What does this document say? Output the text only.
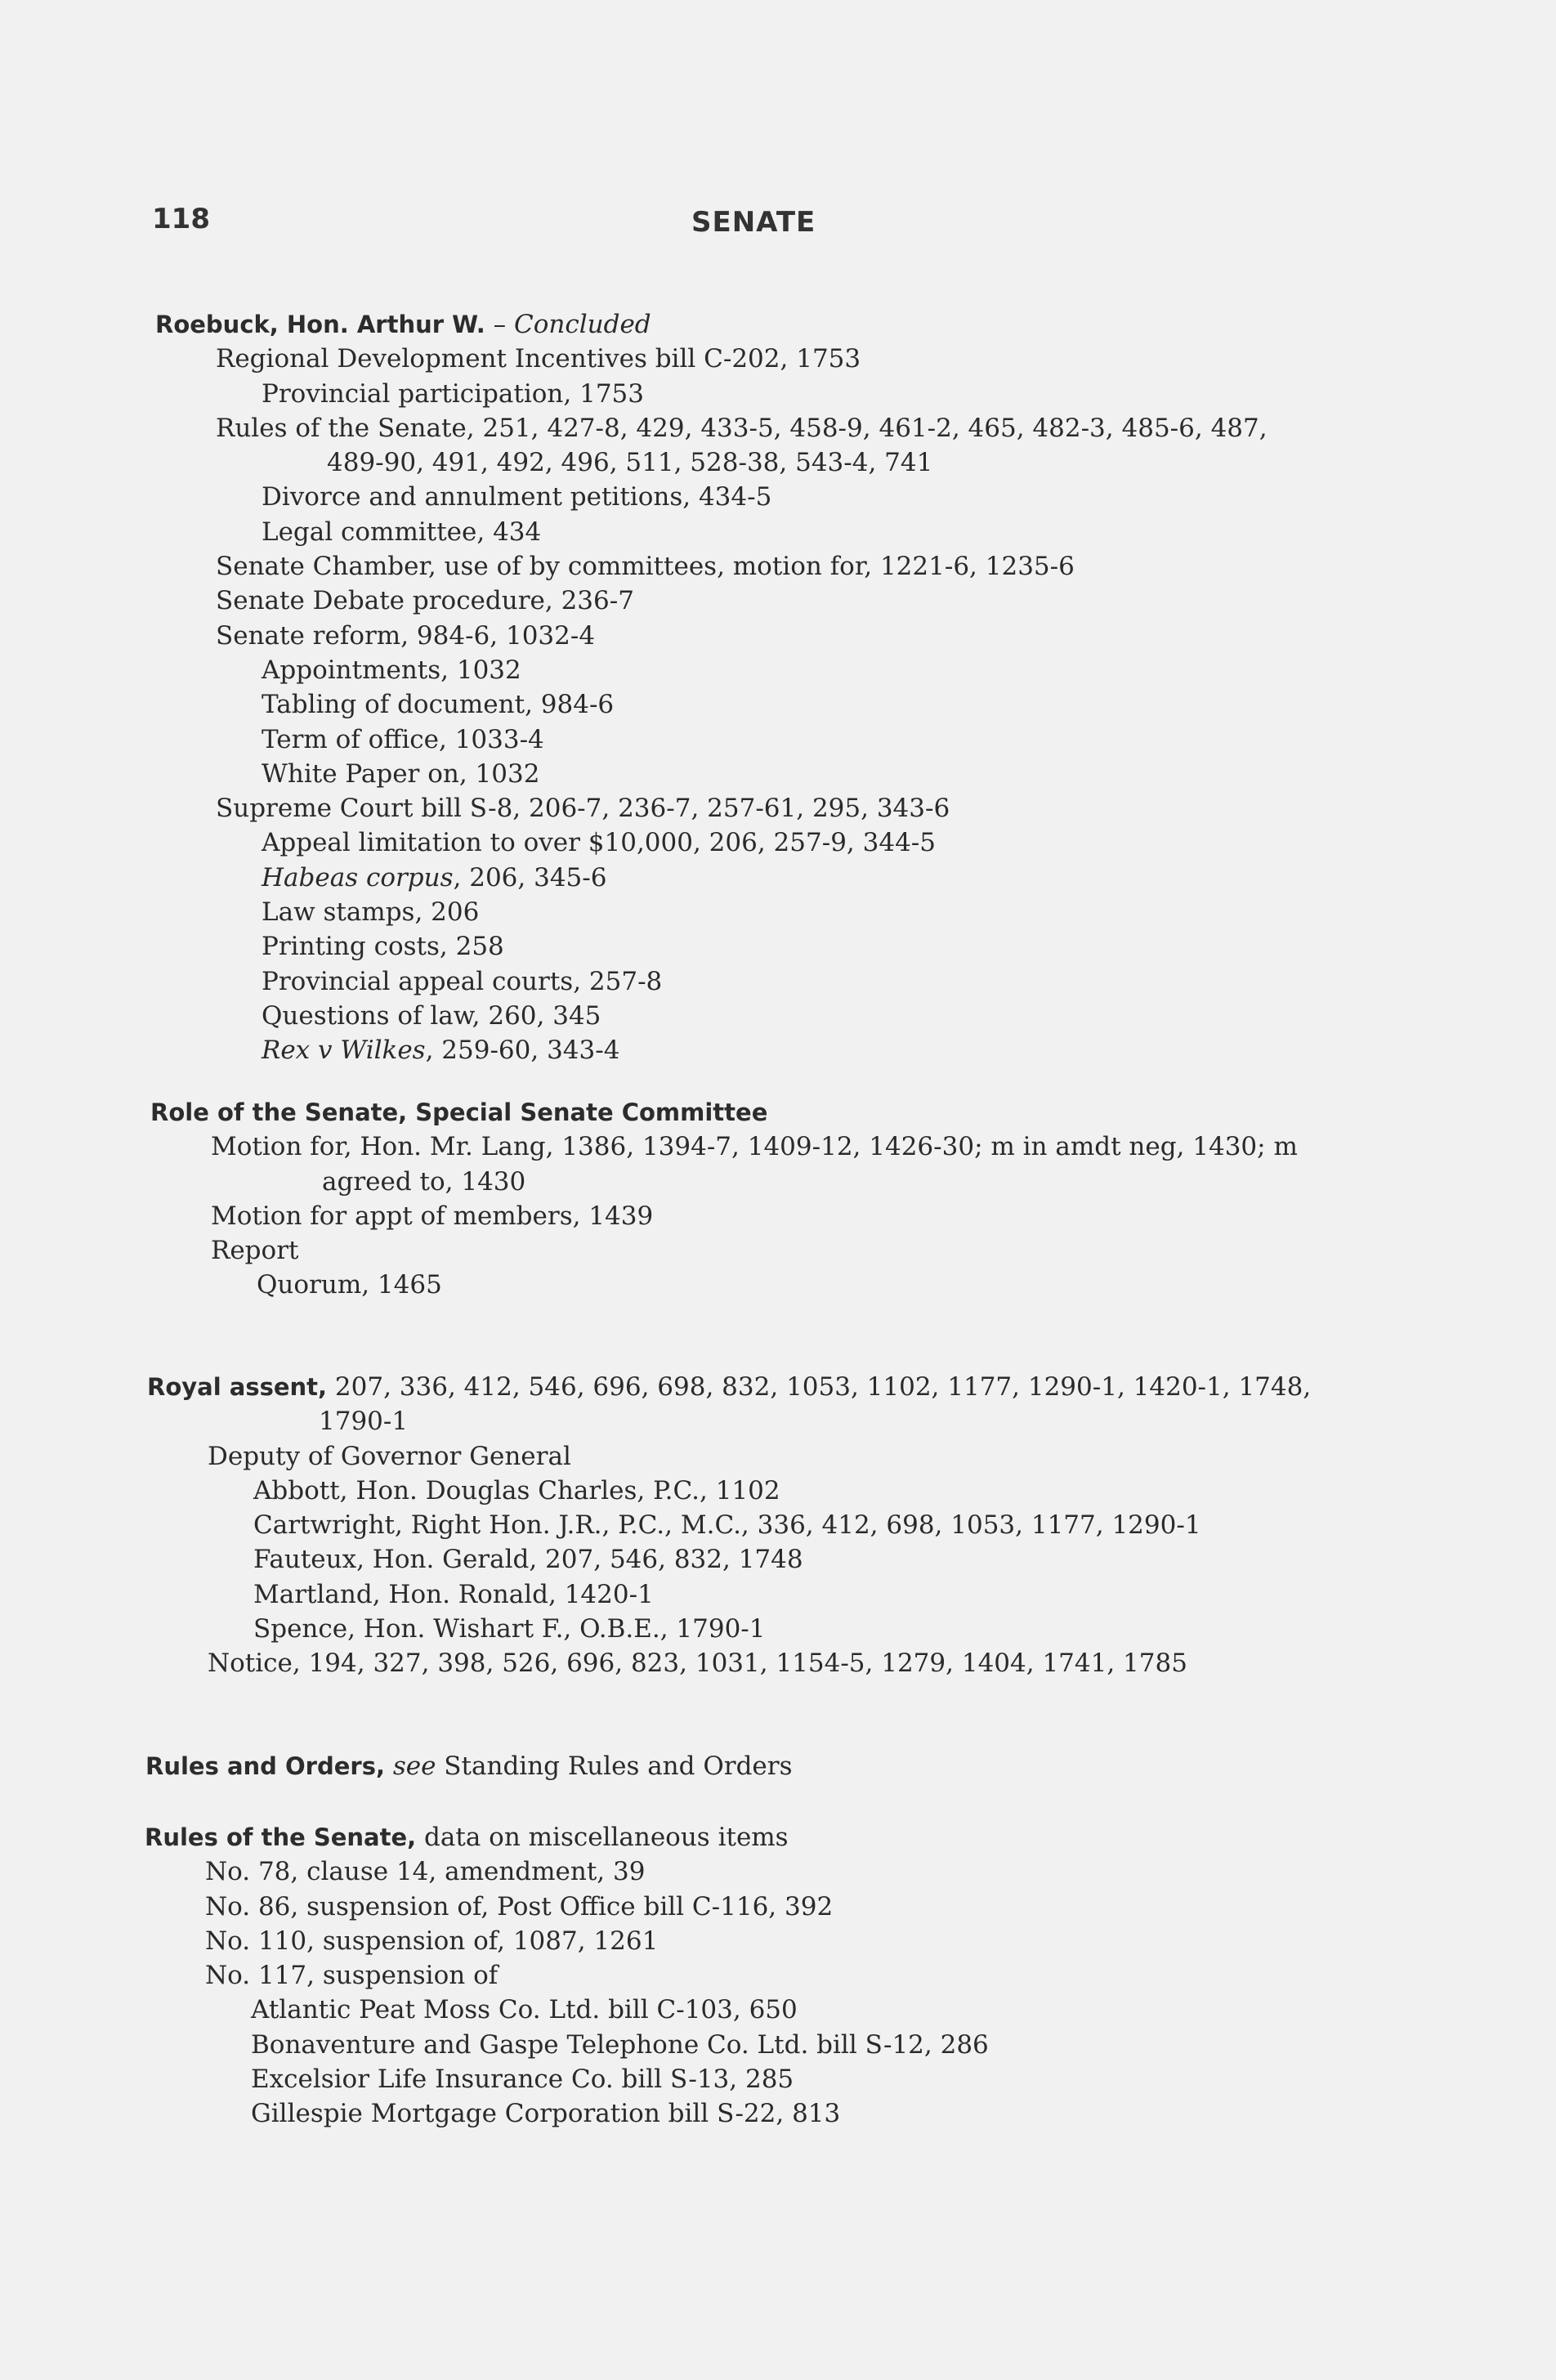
118	SENATE
Roebuck, Hon. Arthur W. – Concluded
Regional Development Incentives bill C-202, 1753
Provincial participation, 1753
Rules of the Senate, 251, 427-8, 429, 433-5, 458-9, 461-2, 465, 482-3, 485-6, 487,
489-90, 491, 492, 496, 511, 528-38, 543-4, 741
Divorce and annulment petitions, 434-5
Legal committee, 434
Senate Chamber, use of by committees, motion for, 1221-6, 1235-6
Senate Debate procedure, 236-7
Senate reform, 984-6, 1032-4
Appointments, 1032
Tabling of document, 984-6
Term of office, 1033-4
White Paper on, 1032
Supreme Court bill S-8, 206-7, 236-7, 257-61, 295, 343-6
Appeal limitation to over $10,000, 206, 257-9, 344-5
Habeas corpus, 206, 345-6
Law stamps, 206
Printing costs, 258
Provincial appeal courts, 257-8
Questions of law, 260, 345
Rex v Wilkes, 259-60, 343-4
Role of the Senate, Special Senate Committee
Motion for, Hon. Mr. Lang, 1386, 1394-7, 1409-12, 1426-30; m in amdt neg, 1430; m
agreed to, 1430
Motion for appt of members, 1439
Report
Quorum, 1465
Royal assent, 207, 336, 412, 546, 696, 698, 832, 1053, 1102, 1177, 1290-1, 1420-1, 1748,
1790-1
Deputy of Governor General
Abbott, Hon. Douglas Charles, P.C., 1102
Cartwright, Right Hon. J.R., P.C., M.C., 336, 412, 698, 1053, 1177, 1290-1
Fauteux, Hon. Gerald, 207, 546, 832, 1748
Martland, Hon. Ronald, 1420-1
Spence, Hon. Wishart F., O.B.E., 1790-1
Notice, 194, 327, 398, 526, 696, 823, 1031, 1154-5, 1279, 1404, 1741, 1785
Rules and Orders, see Standing Rules and Orders
Rules of the Senate, data on miscellaneous items
No. 78, clause 14, amendment, 39
No. 86, suspension of, Post Office bill C-116, 392
No. 110, suspension of, 1087, 1261
No. 117, suspension of
Atlantic Peat Moss Co. Ltd. bill C-103, 650
Bonaventure and Gaspe Telephone Co. Ltd. bill S-12, 286
Excelsior Life Insurance Co. bill S-13, 285
Gillespie Mortgage Corporation bill S-22, 813
